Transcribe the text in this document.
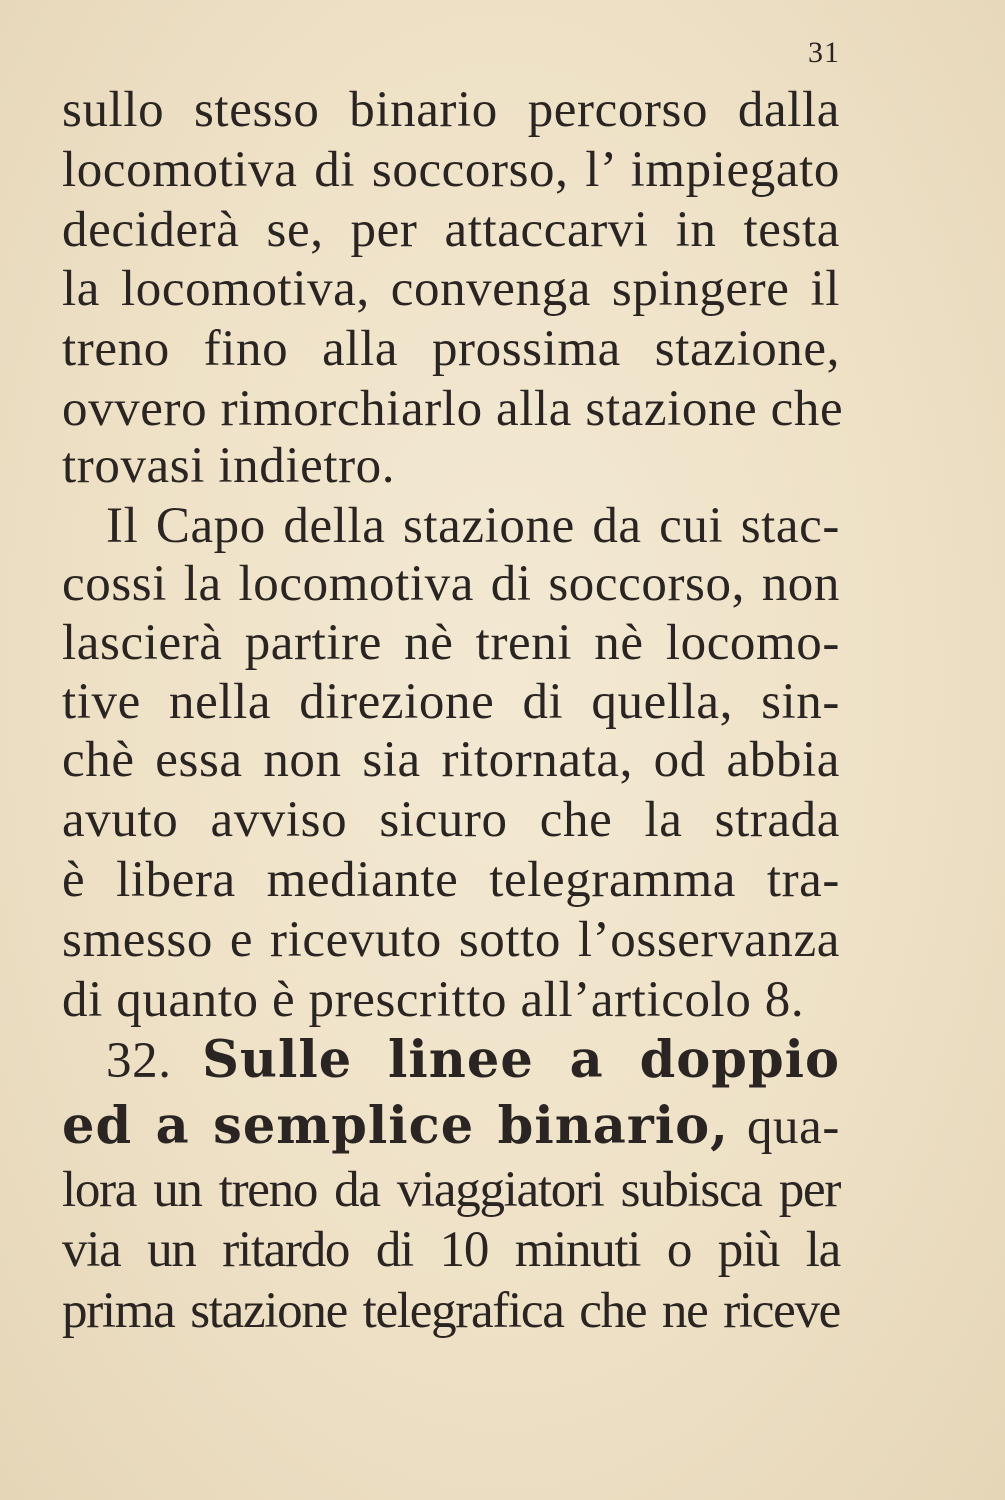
31
sullo stesso binario percorso dalla
locomotiva di soccorso, l’ impiegato
deciderà se, per attaccarvi in testa
la locomotiva, convenga spingere il
treno fino alla prossima stazione,
ovvero rimorchiarlo alla stazione che
trovasi indietro.
Il Capo della stazione da cui stac-
cossi la locomotiva di soccorso, non
lascierà partire nè treni nè locomo-
tive nella direzione di quella, sin-
chè essa non sia ritornata, od abbia
avuto avviso sicuro che la strada
è libera mediante telegramma tra-
smesso e ricevuto sotto l’osservanza
di quanto è prescritto all’articolo 8.
32. Sulle linee a doppio
ed a semplice binario, qua-
lora un treno da viaggiatori subisca per
via un ritardo di 10 minuti o più la
prima stazione telegrafica che ne riceve
